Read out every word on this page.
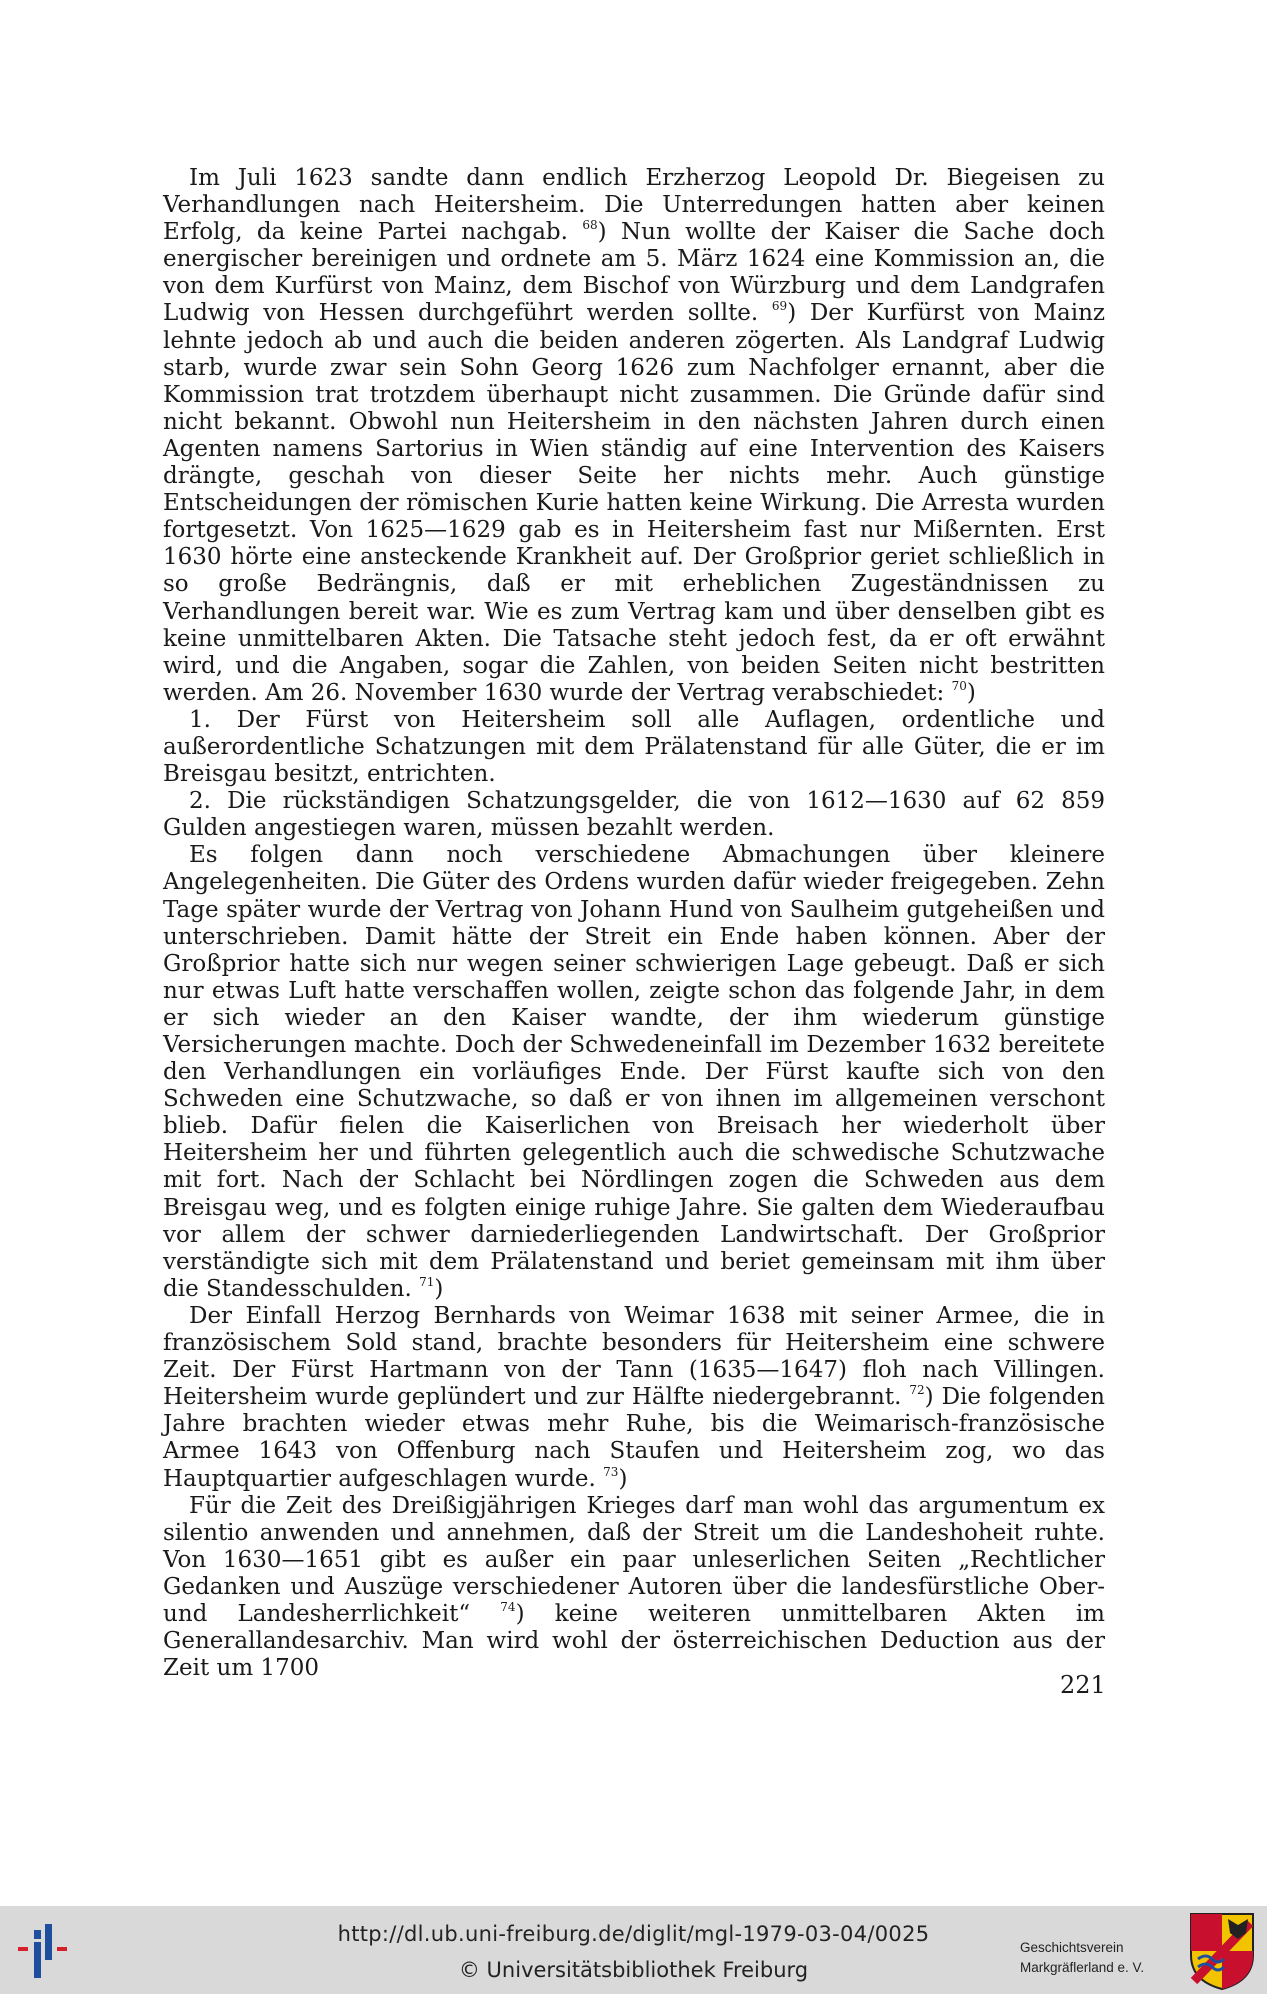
Im Juli 1623 sandte dann endlich Erzherzog Leopold Dr. Biegeisen zu Verhandlungen nach Heitersheim. Die Unterredungen hatten aber keinen Erfolg, da keine Partei nachgab. $^{68}$) Nun wollte der Kaiser die Sache doch energischer bereinigen und ordnete am 5. März 1624 eine Kommission an, die von dem Kurfürst von Mainz, dem Bischof von Würzburg und dem Landgrafen Ludwig von Hessen durchgeführt werden sollte. $^{69}$) Der Kurfürst von Mainz lehnte jedoch ab und auch die beiden anderen zögerten. Als Landgraf Ludwig starb, wurde zwar sein Sohn Georg 1626 zum Nachfolger ernannt, aber die Kommission trat trotzdem überhaupt nicht zusammen. Die Gründe dafür sind nicht bekannt. Obwohl nun Heitersheim in den nächsten Jahren durch einen Agenten namens Sartorius in Wien ständig auf eine Intervention des Kaisers drängte, geschah von dieser Seite her nichts mehr. Auch günstige Entscheidungen der römischen Kurie hatten keine Wirkung. Die Arresta wurden fortgesetzt. Von 1625—1629 gab es in Heitersheim fast nur Mißernten. Erst 1630 hörte eine ansteckende Krankheit auf. Der Großprior geriet schließlich in so große Bedrängnis, daß er mit erheblichen Zugeständnissen zu Verhandlungen bereit war. Wie es zum Vertrag kam und über denselben gibt es keine unmittelbaren Akten. Die Tatsache steht jedoch fest, da er oft erwähnt wird, und die Angaben, sogar die Zahlen, von beiden Seiten nicht bestritten werden. Am 26. November 1630 wurde der Vertrag verabschiedet: $^{70}$)

1. Der Fürst von Heitersheim soll alle Auflagen, ordentliche und außerordentliche Schatzungen mit dem Prälatenstand für alle Güter, die er im Breisgau besitzt, entrichten.

2. Die rückständigen Schatzungsgelder, die von 1612—1630 auf 62 859 Gulden angestiegen waren, müssen bezahlt werden.

Es folgen dann noch verschiedene Abmachungen über kleinere Angelegenheiten. Die Güter des Ordens wurden dafür wieder freigegeben. Zehn Tage später wurde der Vertrag von Johann Hund von Saulheim gutgeheißen und unterschrieben. Damit hätte der Streit ein Ende haben können. Aber der Großprior hatte sich nur wegen seiner schwierigen Lage gebeugt. Daß er sich nur etwas Luft hatte verschaffen wollen, zeigte schon das folgende Jahr, in dem er sich wieder an den Kaiser wandte, der ihm wiederum günstige Versicherungen machte. Doch der Schwedeneinfall im Dezember 1632 bereitete den Verhandlungen ein vorläufiges Ende. Der Fürst kaufte sich von den Schweden eine Schutzwache, so daß er von ihnen im allgemeinen verschont blieb. Dafür fielen die Kaiserlichen von Breisach her wiederholt über Heitersheim her und führten gelegentlich auch die schwedische Schutzwache mit fort. Nach der Schlacht bei Nördlingen zogen die Schweden aus dem Breisgau weg, und es folgten einige ruhige Jahre. Sie galten dem Wiederaufbau vor allem der schwer darniederliegenden Landwirtschaft. Der Großprior verständigte sich mit dem Prälatenstand und beriet gemeinsam mit ihm über die Standesschulden. $^{71}$)

Der Einfall Herzog Bernhards von Weimar 1638 mit seiner Armee, die in französischem Sold stand, brachte besonders für Heitersheim eine schwere Zeit. Der Fürst Hartmann von der Tann (1635—1647) floh nach Villingen. Heitersheim wurde geplündert und zur Hälfte niedergebrannt. $^{72}$) Die folgenden Jahre brachten wieder etwas mehr Ruhe, bis die Weimarisch-französische Armee 1643 von Offenburg nach Staufen und Heitersheim zog, wo das Hauptquartier aufgeschlagen wurde. $^{73}$)

Für die Zeit des Dreißigjährigen Krieges darf man wohl das argumentum ex silentio anwenden und annehmen, daß der Streit um die Landeshoheit ruhte. Von 1630—1651 gibt es außer ein paar unleserlichen Seiten „Rechtlicher Gedanken und Auszüge verschiedener Autoren über die landesfürstliche Ober- und Landesherrlichkeit“ $^{74}$) keine weiteren unmittelbaren Akten im Generallandesarchiv. Man wird wohl der österreichischen Deduction aus der Zeit um 1700

221
http://dl.ub.uni-freiburg.de/diglit/mgl-1979-03-04/0025
© Universitätsbibliothek Freiburg
Geschichtsverein
Markgräflerland e. V.
